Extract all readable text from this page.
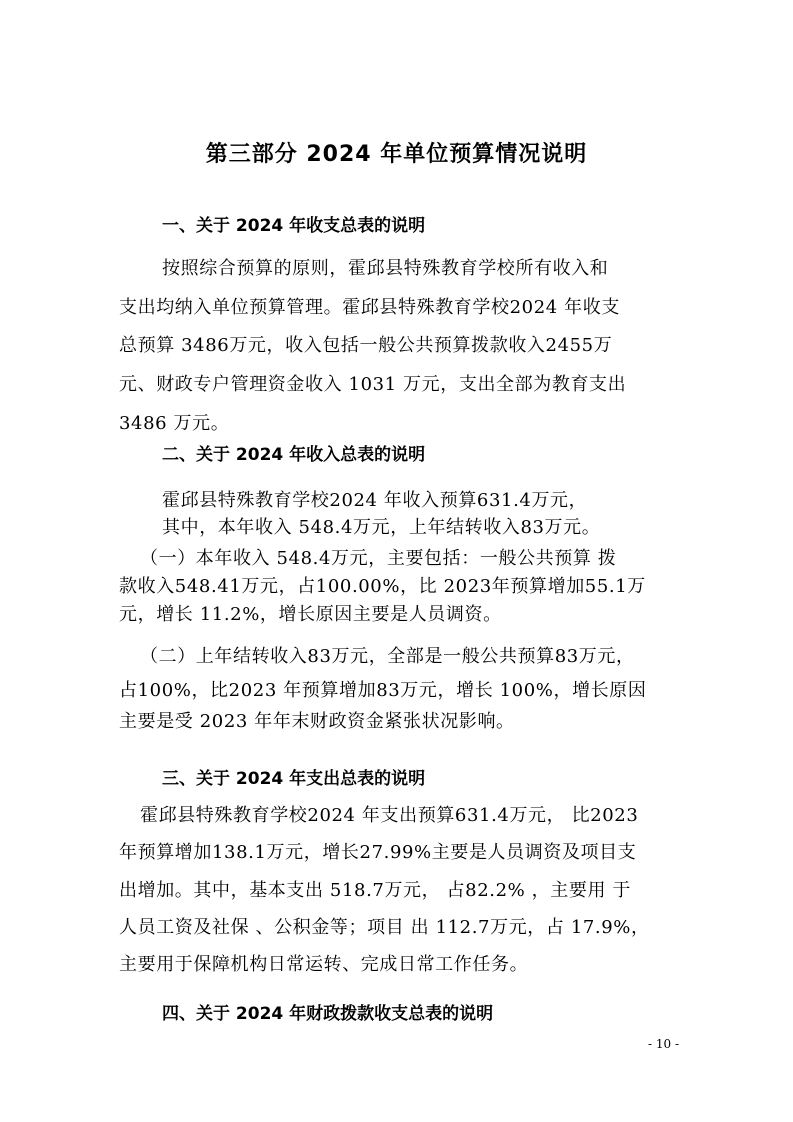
第三部分 2024 年单位预算情况说明
一、关于 2024 年收支总表的说明
按照综合预算的原则，霍邱县特殊教育学校所有收入和
支出均纳入单位预算管理。霍邱县特殊教育学校2024 年收支
总预算 3486万元，收入包括一般公共预算拨款收入2455万
元、财政专户管理资金收入 1031 万元，支出全部为教育支出
3486 万元。
二、关于 2024 年收入总表的说明
霍邱县特殊教育学校2024 年收入预算631.4万元，
其中，本年收入 548.4万元，上年结转收入83万元。
（一）本年收入 548.4万元，主要包括：一般公共预算 拨
款收入548.41万元，占100.00%，比 2023年预算增加55.1万
元，增长 11.2%，增长原因主要是人员调资。
（二）上年结转收入83万元，全部是一般公共预算83万元，
占100%，比2023 年预算增加83万元，增长 100%，增长原因
主要是受 2023 年年末财政资金紧张状况影响。
三、关于 2024 年支出总表的说明
霍邱县特殊教育学校2024 年支出预算631.4万元， 比2023
年预算增加138.1万元，增长27.99%主要是人员调资及项目支
出增加。其中，基本支出 518.7万元， 占82.2% ，主要用 于
人员工资及社保 、公积金等；项目 出 112.7万元，占 17.9%，
主要用于保障机构日常运转、完成日常工作任务。
四、关于 2024 年财政拨款收支总表的说明
- 10 -
